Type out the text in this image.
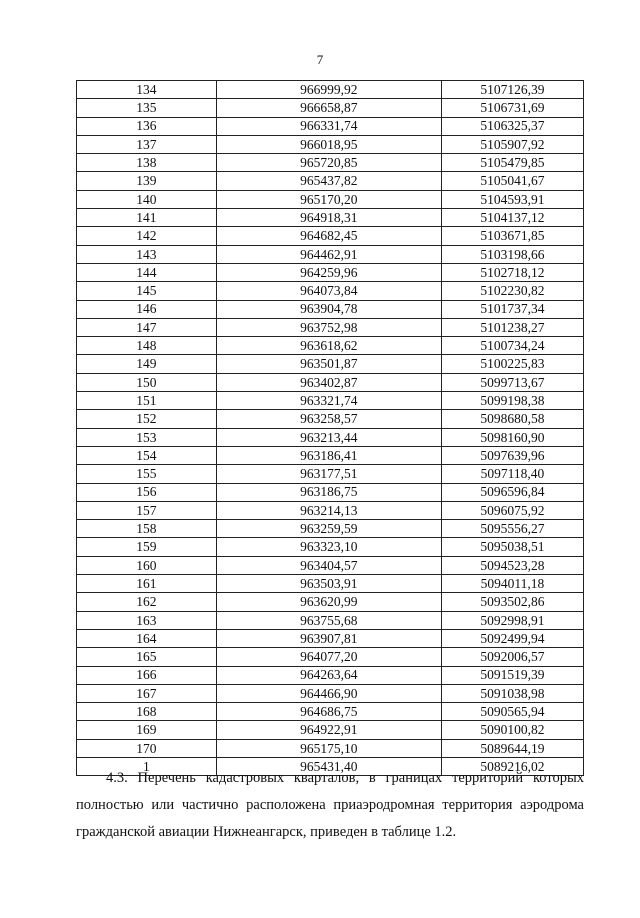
7
134	966999,92	5107126,39
135	966658,87	5106731,69
136	966331,74	5106325,37
137	966018,95	5105907,92
138	965720,85	5105479,85
139	965437,82	5105041,67
140	965170,20	5104593,91
141	964918,31	5104137,12
142	964682,45	5103671,85
143	964462,91	5103198,66
144	964259,96	5102718,12
145	964073,84	5102230,82
146	963904,78	5101737,34
147	963752,98	5101238,27
148	963618,62	5100734,24
149	963501,87	5100225,83
150	963402,87	5099713,67
151	963321,74	5099198,38
152	963258,57	5098680,58
153	963213,44	5098160,90
154	963186,41	5097639,96
155	963177,51	5097118,40
156	963186,75	5096596,84
157	963214,13	5096075,92
158	963259,59	5095556,27
159	963323,10	5095038,51
160	963404,57	5094523,28
161	963503,91	5094011,18
162	963620,99	5093502,86
163	963755,68	5092998,91
164	963907,81	5092499,94
165	964077,20	5092006,57
166	964263,64	5091519,39
167	964466,90	5091038,98
168	964686,75	5090565,94
169	964922,91	5090100,82
170	965175,10	5089644,19
1	965431,40	5089216,02
4.3. Перечень кадастровых кварталов, в границах территорий которых полностью или частично расположена приаэродромная территория аэродрома гражданской авиации Нижнеангарск, приведен в таблице 1.2.
